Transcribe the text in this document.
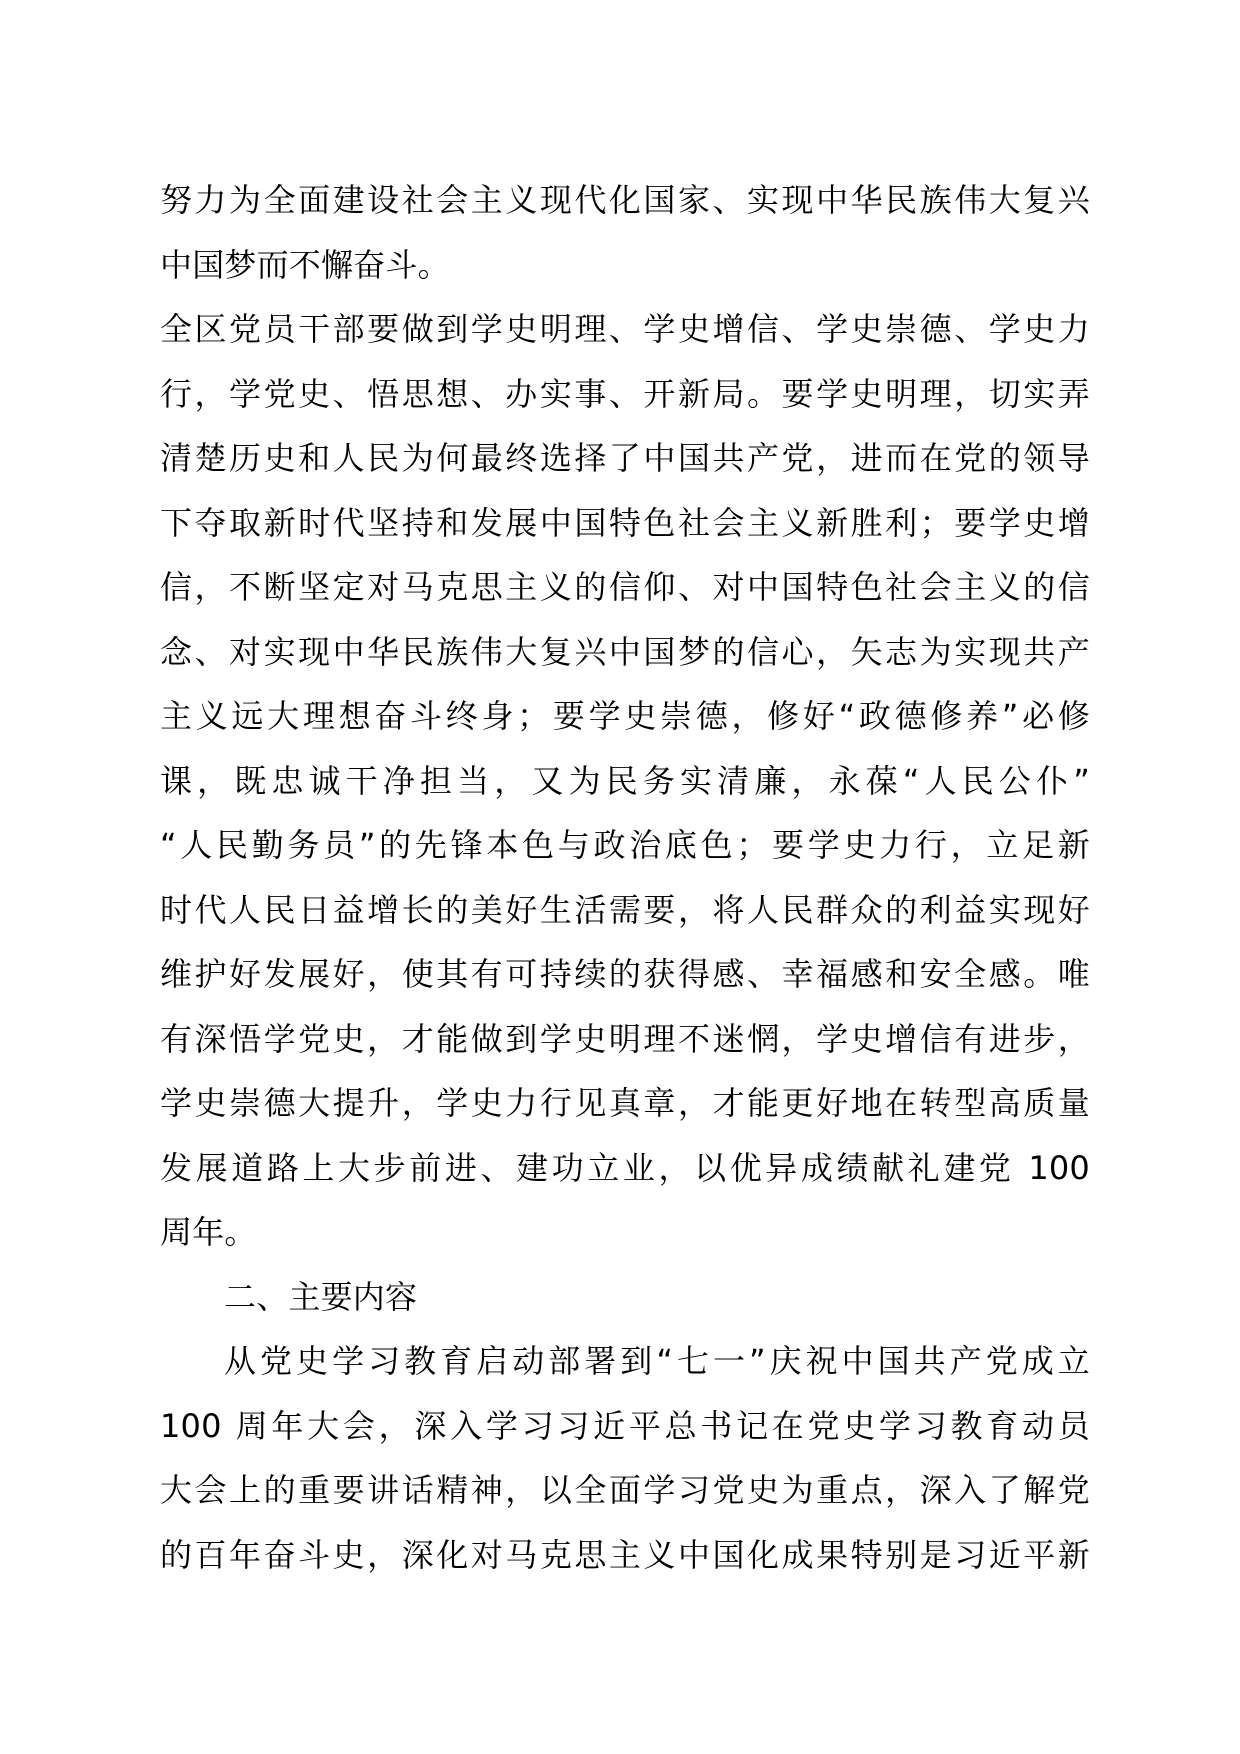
努力为全面建设社会主义现代化国家、实现中华民族伟大复兴
中国梦而不懈奋斗。
全区党员干部要做到学史明理、学史增信、学史崇德、学史力
行，学党史、悟思想、办实事、开新局。要学史明理，切实弄
清楚历史和人民为何最终选择了中国共产党，进而在党的领导
下夺取新时代坚持和发展中国特色社会主义新胜利；要学史增
信，不断坚定对马克思主义的信仰、对中国特色社会主义的信
念、对实现中华民族伟大复兴中国梦的信心，矢志为实现共产
主义远大理想奋斗终身；要学史崇德，修好“政德修养”必修
课，既忠诚干净担当，又为民务实清廉，永葆“人民公仆”
“人民勤务员”的先锋本色与政治底色；要学史力行，立足新
时代人民日益增长的美好生活需要，将人民群众的利益实现好
维护好发展好，使其有可持续的获得感、幸福感和安全感。唯
有深悟学党史，才能做到学史明理不迷惘，学史增信有进步，
学史崇德大提升，学史力行见真章，才能更好地在转型高质量
发展道路上大步前进、建功立业，以优异成绩献礼建党 100
周年。
二、主要内容
从党史学习教育启动部署到“七一”庆祝中国共产党成立
100 周年大会，深入学习习近平总书记在党史学习教育动员
大会上的重要讲话精神，以全面学习党史为重点，深入了解党
的百年奋斗史，深化对马克思主义中国化成果特别是习近平新
